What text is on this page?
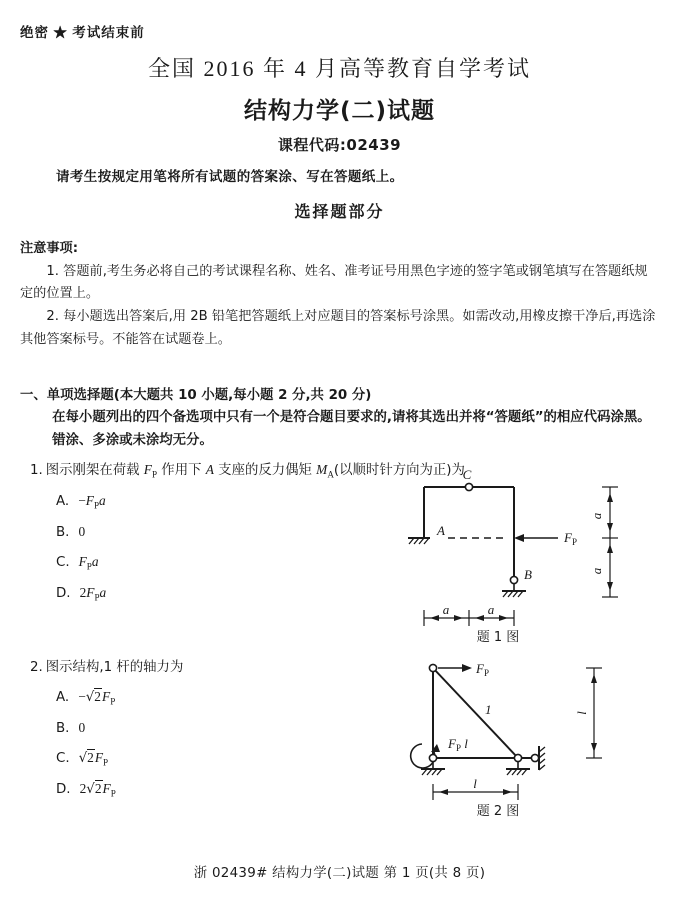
绝密 ★ 考试结束前
全国 2016 年 4 月高等教育自学考试
结构力学(二)试题
课程代码:02439
请考生按规定用笔将所有试题的答案涂、写在答题纸上。
选择题部分

注意事项:

1. 答题前,考生务必将自己的考试课程名称、姓名、准考证号用黑色字迹的签字笔或钢笔填写在答题纸规定的位置上。

2. 每小题选出答案后,用 2B 铅笔把答题纸上对应题目的答案标号涂黑。如需改动,用橡皮擦干净后,再选涂其他答案标号。不能答在试题卷上。

一、单项选择题(本大题共 10 小题,每小题 2 分,共 20 分)

在每小题列出的四个备选项中只有一个是符合题目要求的,请将其选出并将“答题纸”的相应代码涂黑。错涂、多涂或未涂均无分。

1. 图示刚架在荷载 $F_P$ 作用下 A 支座的反力偶矩 $M_A$(以顺时针方向为正)为

A. $-F_Pa$

B. 0

C. $F_Pa$

D. $2F_Pa$

C
A	$F_P$
B
a
a
a	a
题 1 图

2. 图示结构,1 杆的轴力为

A. $-√2F_P$

B. 0

C. $√2F_P$

D. $2√2F_P$

$F_P$
1
$F_P$ l
l
l
题 2 图
浙 02439# 结构力学(二)试题 第 1 页(共 8 页)
